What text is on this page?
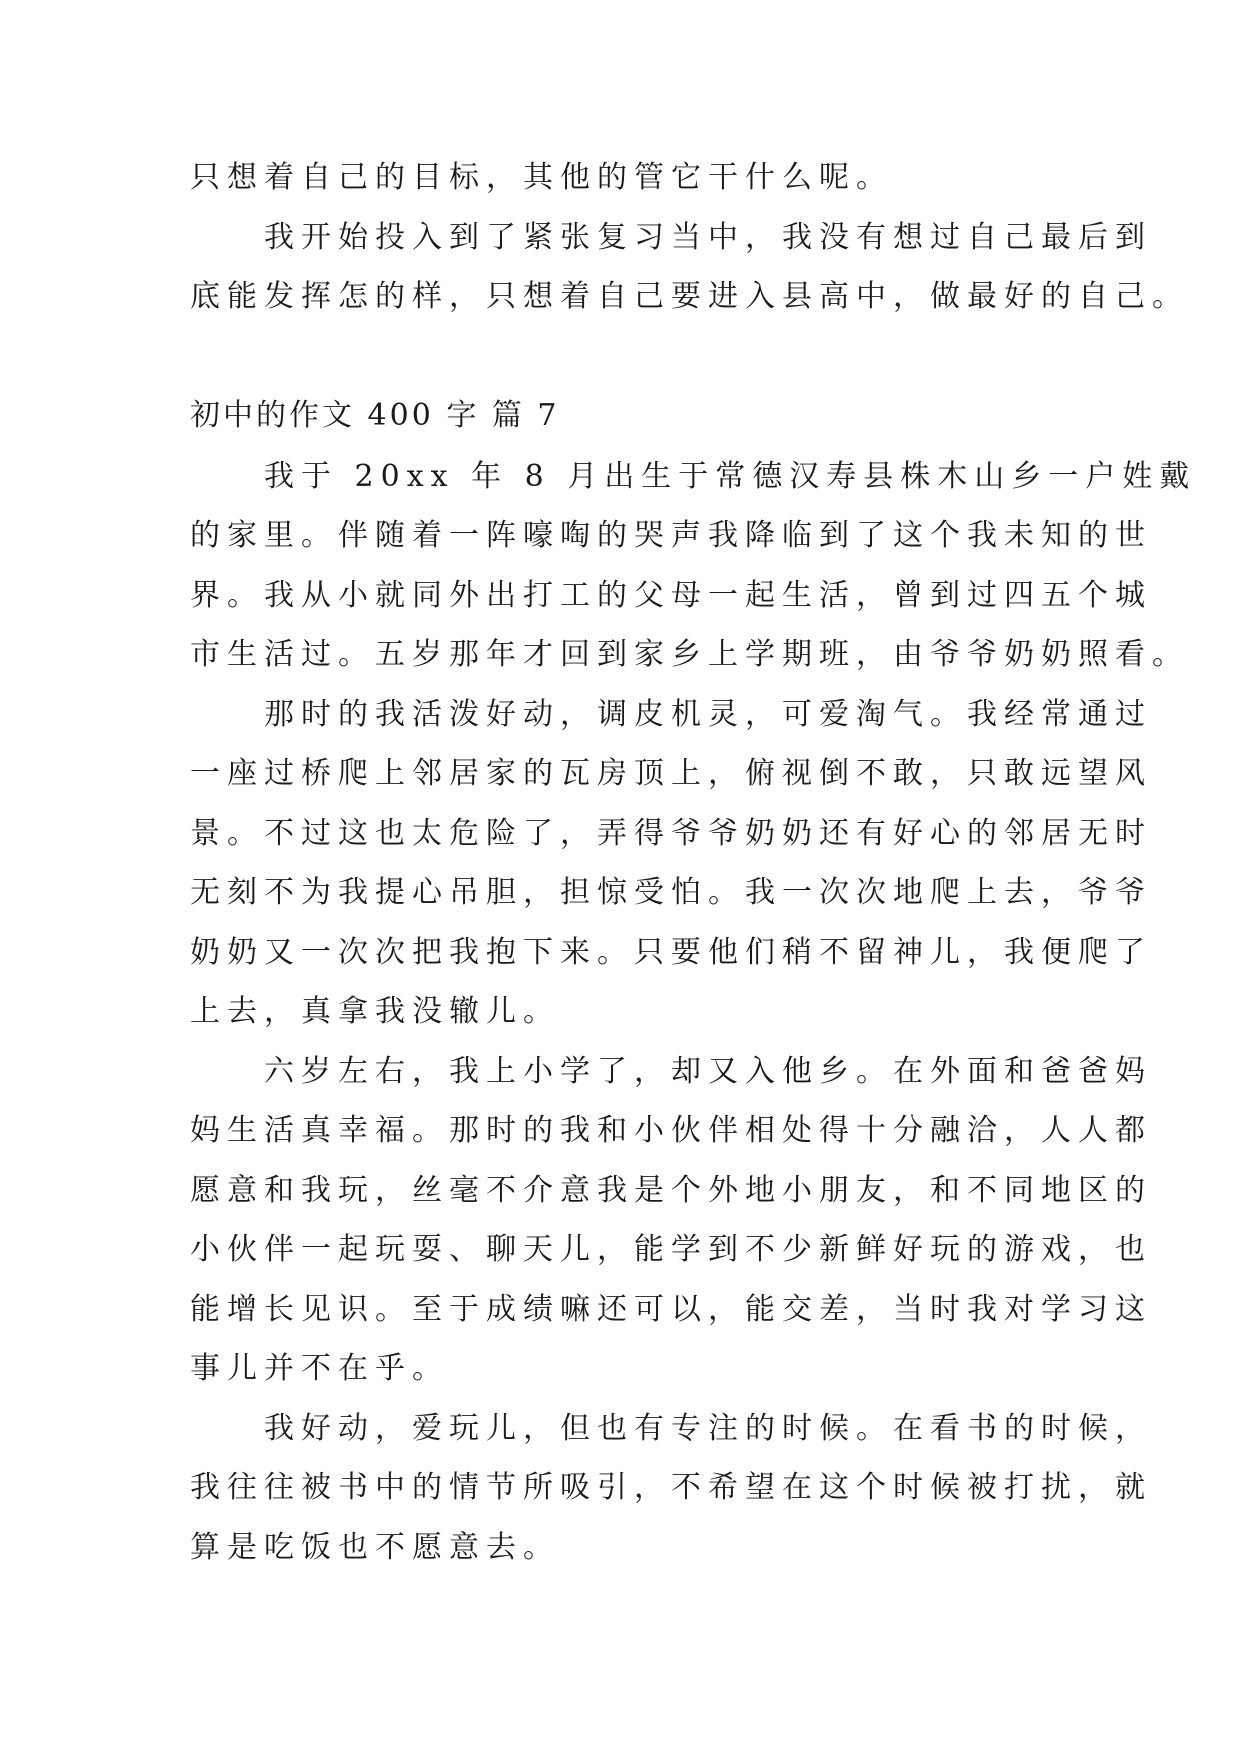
只想着自己的目标，其他的管它干什么呢。
　　我开始投入到了紧张复习当中，我没有想过自己最后到
底能发挥怎的样，只想着自己要进入县高中，做最好的自己。
初中的作文 400 字 篇 7
　　我于 20xx 年 8 月出生于常德汉寿县株木山乡一户姓戴
的家里。伴随着一阵嚎啕的哭声我降临到了这个我未知的世
界。我从小就同外出打工的父母一起生活，曾到过四五个城
市生活过。五岁那年才回到家乡上学期班，由爷爷奶奶照看。
　　那时的我活泼好动，调皮机灵，可爱淘气。我经常通过
一座过桥爬上邻居家的瓦房顶上，俯视倒不敢，只敢远望风
景。不过这也太危险了，弄得爷爷奶奶还有好心的邻居无时
无刻不为我提心吊胆，担惊受怕。我一次次地爬上去，爷爷
奶奶又一次次把我抱下来。只要他们稍不留神儿，我便爬了
上去，真拿我没辙儿。
　　六岁左右，我上小学了，却又入他乡。在外面和爸爸妈
妈生活真幸福。那时的我和小伙伴相处得十分融洽，人人都
愿意和我玩，丝毫不介意我是个外地小朋友，和不同地区的
小伙伴一起玩耍、聊天儿，能学到不少新鲜好玩的游戏，也
能增长见识。至于成绩嘛还可以，能交差，当时我对学习这
事儿并不在乎。
　　我好动，爱玩儿，但也有专注的时候。在看书的时候，
我往往被书中的情节所吸引，不希望在这个时候被打扰，就
算是吃饭也不愿意去。
